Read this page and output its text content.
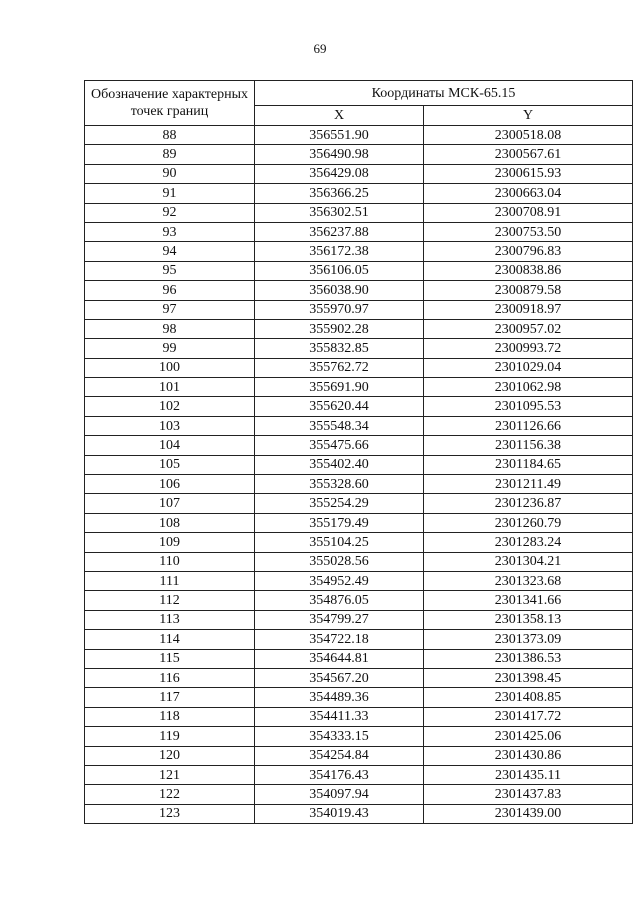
69
Обозначение характерных точек границ	Координаты МСК-65.15	
	X	Y
88	356551.90	2300518.08
89	356490.98	2300567.61
90	356429.08	2300615.93
91	356366.25	2300663.04
92	356302.51	2300708.91
93	356237.88	2300753.50
94	356172.38	2300796.83
95	356106.05	2300838.86
96	356038.90	2300879.58
97	355970.97	2300918.97
98	355902.28	2300957.02
99	355832.85	2300993.72
100	355762.72	2301029.04
101	355691.90	2301062.98
102	355620.44	2301095.53
103	355548.34	2301126.66
104	355475.66	2301156.38
105	355402.40	2301184.65
106	355328.60	2301211.49
107	355254.29	2301236.87
108	355179.49	2301260.79
109	355104.25	2301283.24
110	355028.56	2301304.21
111	354952.49	2301323.68
112	354876.05	2301341.66
113	354799.27	2301358.13
114	354722.18	2301373.09
115	354644.81	2301386.53
116	354567.20	2301398.45
117	354489.36	2301408.85
118	354411.33	2301417.72
119	354333.15	2301425.06
120	354254.84	2301430.86
121	354176.43	2301435.11
122	354097.94	2301437.83
123	354019.43	2301439.00
